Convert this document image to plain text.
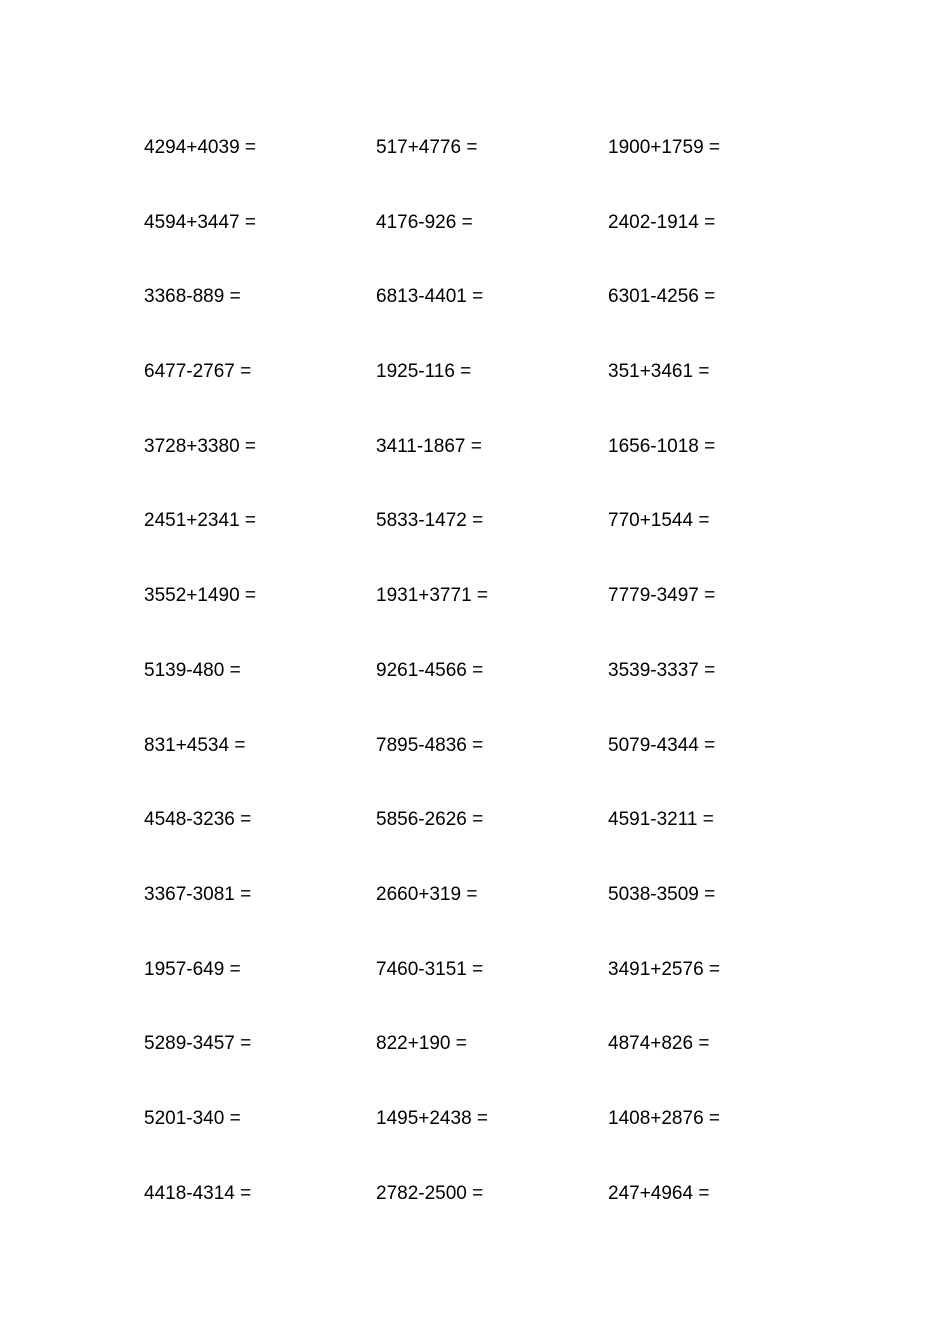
4294+4039 =	517+4776 =	1900+1759 =
4594+3447 =	4176-926 =	2402-1914 =
3368-889 =	6813-4401 =	6301-4256 =
6477-2767 =	1925-116 =	351+3461 =
3728+3380 =	3411-1867 =	1656-1018 =
2451+2341 =	5833-1472 =	770+1544 =
3552+1490 =	1931+3771 =	7779-3497 =
5139-480 =	9261-4566 =	3539-3337 =
831+4534 =	7895-4836 =	5079-4344 =
4548-3236 =	5856-2626 =	4591-3211 =
3367-3081 =	2660+319 =	5038-3509 =
1957-649 =	7460-3151 =	3491+2576 =
5289-3457 =	822+190 =	4874+826 =
5201-340 =	1495+2438 =	1408+2876 =
4418-4314 =	2782-2500 =	247+4964 =
